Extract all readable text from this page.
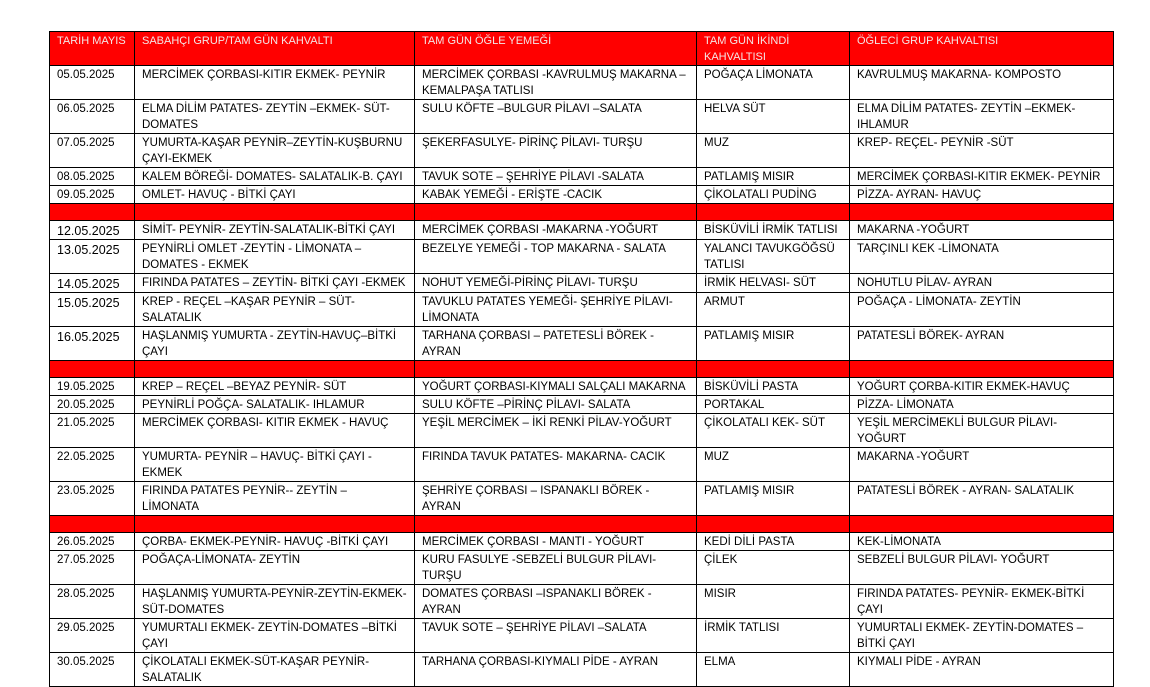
TARİH MAYIS	SABAHÇI GRUP/TAM GÜN KAHVALTI	TAM GÜN ÖĞLE YEMEĞİ	TAM GÜN İKİNDİ KAHVALTISI	ÖĞLECİ GRUP KAHVALTISI
05.05.2025	MERCİMEK ÇORBASI-KITIR EKMEK- PEYNİR	MERCİMEK ÇORBASI -KAVRULMUŞ MAKARNA – KEMALPAŞA TATLISI	POĞAÇA LİMONATA	KAVRULMUŞ MAKARNA- KOMPOSTO
06.05.2025	ELMA DİLİM PATATES- ZEYTİN –EKMEK- SÜT-DOMATES	SULU KÖFTE –BULGUR PİLAVI –SALATA	HELVA SÜT	ELMA DİLİM PATATES- ZEYTİN –EKMEK- IHLAMUR
07.05.2025	YUMURTA-KAŞAR PEYNİR–ZEYTİN-KUŞBURNU ÇAYI-EKMEK	ŞEKERFASULYE- PİRİNÇ PİLAVI- TURŞU	MUZ	KREP- REÇEL- PEYNİR -SÜT
08.05.2025	KALEM BÖREĞİ- DOMATES- SALATALIK-B. ÇAYI	TAVUK SOTE – ŞEHRİYE PİLAVI -SALATA	PATLAMIŞ MISIR	MERCİMEK ÇORBASI-KITIR EKMEK- PEYNİR
09.05.2025	OMLET- HAVUÇ - BİTKİ ÇAYI	KABAK YEMEĞİ - ERİŞTE -CACIK	ÇİKOLATALI PUDİNG	PİZZA- AYRAN- HAVUÇ

12.05.2025	SİMİT- PEYNİR- ZEYTİN-SALATALIK-BİTKİ ÇAYI	MERCİMEK ÇORBASI -MAKARNA -YOĞURT	BİSKÜVİLİ İRMİK TATLISI	MAKARNA -YOĞURT
13.05.2025	PEYNİRLİ OMLET -ZEYTİN - LİMONATA – DOMATES - EKMEK	BEZELYE YEMEĞİ - TOP MAKARNA - SALATA	YALANCI TAVUKGÖĞSÜ TATLISI	TARÇINLI KEK -LİMONATA
14.05.2025	FIRINDA PATATES – ZEYTİN- BİTKİ ÇAYI -EKMEK	NOHUT YEMEĞİ-PİRİNÇ PİLAVI- TURŞU	İRMİK HELVASI- SÜT	NOHUTLU PİLAV- AYRAN
15.05.2025	KREP - REÇEL –KAŞAR PEYNİR – SÜT- SALATALIK	TAVUKLU PATATES YEMEĞİ- ŞEHRİYE PİLAVI-LİMONATA	ARMUT	POĞAÇA - LİMONATA- ZEYTİN
16.05.2025	HAŞLANMIŞ YUMURTA - ZEYTİN-HAVUÇ–BİTKİ ÇAYI	TARHANA ÇORBASI – PATETESLİ BÖREK -AYRAN	PATLAMIŞ MISIR	PATATESLİ BÖREK- AYRAN

19.05.2025	KREP – REÇEL –BEYAZ PEYNİR- SÜT	YOĞURT ÇORBASI-KIYMALI SALÇALI MAKARNA	BİSKÜVİLİ PASTA	YOĞURT ÇORBA-KITIR EKMEK-HAVUÇ
20.05.2025	PEYNİRLİ POĞÇA- SALATALIK- IHLAMUR	SULU KÖFTE –PİRİNÇ PİLAVI- SALATA	PORTAKAL	PİZZA- LİMONATA
21.05.2025	MERCİMEK ÇORBASI- KITIR EKMEK - HAVUÇ	YEŞİL MERCİMEK – İKİ RENKİ PİLAV-YOĞURT	ÇİKOLATALI KEK- SÜT	YEŞİL MERCİMEKLİ BULGUR PİLAVI- YOĞURT
22.05.2025	YUMURTA- PEYNİR – HAVUÇ- BİTKİ ÇAYI - EKMEK	FIRINDA TAVUK PATATES- MAKARNA- CACIK	MUZ	MAKARNA -YOĞURT
23.05.2025	FIRINDA PATATES PEYNİR-- ZEYTİN – LİMONATA	ŞEHRİYE ÇORBASI – ISPANAKLI BÖREK - AYRAN	PATLAMIŞ MISIR	PATATESLİ BÖREK - AYRAN- SALATALIK

26.05.2025	ÇORBA- EKMEK-PEYNİR- HAVUÇ -BİTKİ ÇAYI	MERCİMEK ÇORBASI - MANTI - YOĞURT	KEDİ DİLİ PASTA	KEK-LİMONATA
27.05.2025	POĞAÇA-LİMONATA- ZEYTİN	KURU FASULYE -SEBZELİ BULGUR PİLAVI-TURŞU	ÇİLEK	SEBZELİ BULGUR PİLAVI- YOĞURT
28.05.2025	HAŞLANMIŞ YUMURTA-PEYNİR-ZEYTİN-EKMEK-SÜT-DOMATES	DOMATES ÇORBASI –ISPANAKLI BÖREK - AYRAN	MISIR	FIRINDA PATATES- PEYNİR- EKMEK-BİTKİ ÇAYI
29.05.2025	YUMURTALI EKMEK- ZEYTİN-DOMATES –BİTKİ ÇAYI	TAVUK SOTE – ŞEHRİYE PİLAVI –SALATA	İRMİK TATLISI	YUMURTALI EKMEK- ZEYTİN-DOMATES – BİTKİ ÇAYI
30.05.2025	ÇİKOLATALI EKMEK-SÜT-KAŞAR PEYNİR-SALATALIK	TARHANA ÇORBASI-KIYMALI PİDE - AYRAN	ELMA	KIYMALI PİDE - AYRAN
